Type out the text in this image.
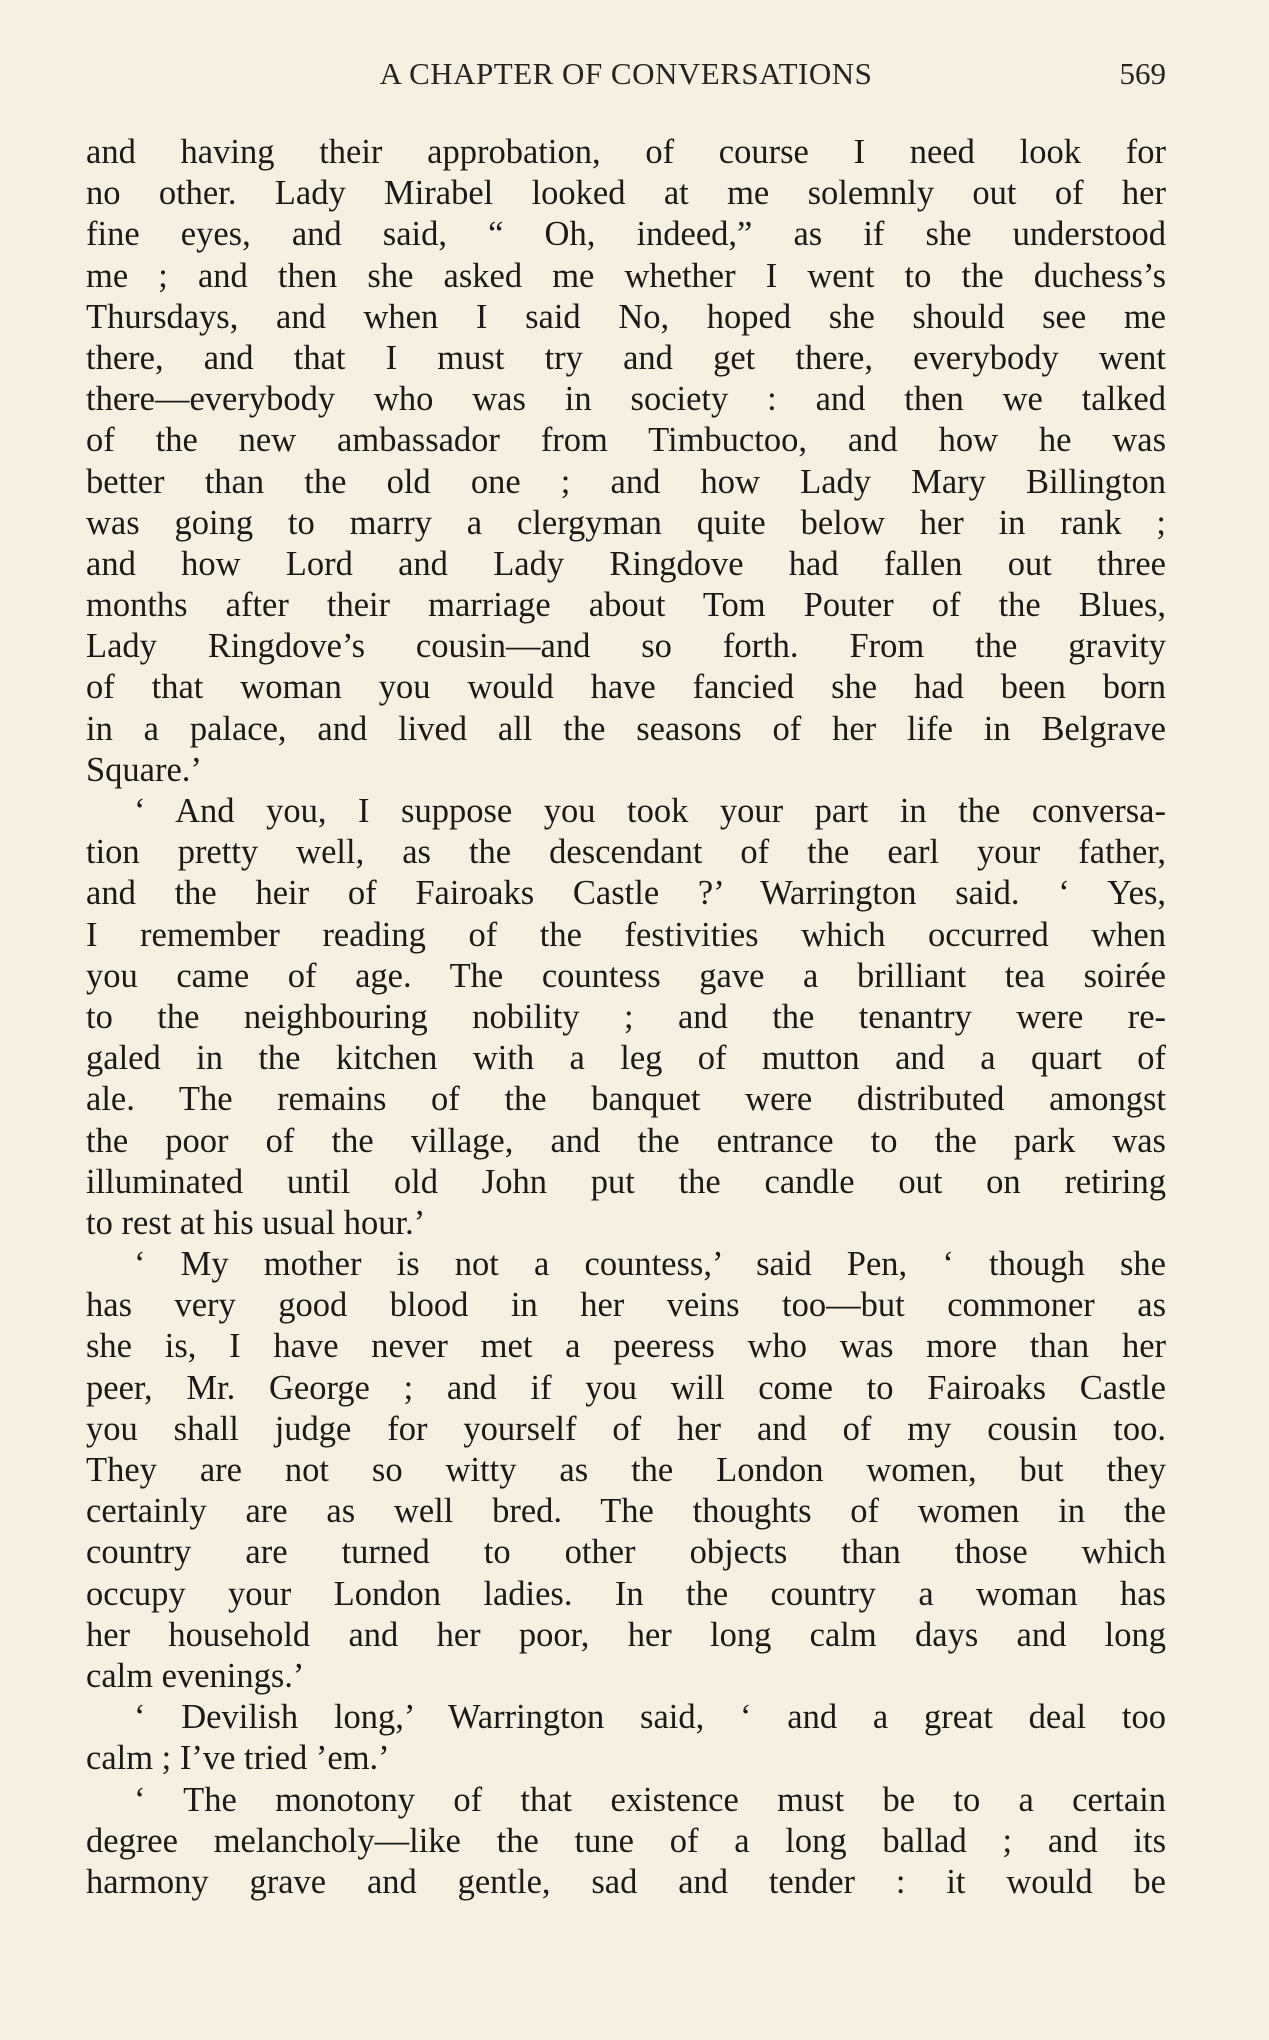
A CHAPTER OF CONVERSATIONS	569
and having their approbation, of course I need look for
no other. Lady Mirabel looked at me solemnly out of her
fine eyes, and said, “ Oh, indeed,” as if she understood
me ; and then she asked me whether I went to the duchess’s
Thursdays, and when I said No, hoped she should see me
there, and that I must try and get there, everybody went
there—everybody who was in society : and then we talked
of the new ambassador from Timbuctoo, and how he was
better than the old one ; and how Lady Mary Billington
was going to marry a clergyman quite below her in rank ;
and how Lord and Lady Ringdove had fallen out three
months after their marriage about Tom Pouter of the Blues,
Lady Ringdove’s cousin—and so forth. From the gravity
of that woman you would have fancied she had been born
in a palace, and lived all the seasons of her life in Belgrave
Square.’
‘ And you, I suppose you took your part in the conversa-
tion pretty well, as the descendant of the earl your father,
and the heir of Fairoaks Castle ?’ Warrington said. ‘ Yes,
I remember reading of the festivities which occurred when
you came of age. The countess gave a brilliant tea soirée
to the neighbouring nobility ; and the tenantry were re-
galed in the kitchen with a leg of mutton and a quart of
ale. The remains of the banquet were distributed amongst
the poor of the village, and the entrance to the park was
illuminated until old John put the candle out on retiring
to rest at his usual hour.’
‘ My mother is not a countess,’ said Pen, ‘ though she
has very good blood in her veins too—but commoner as
she is, I have never met a peeress who was more than her
peer, Mr. George ; and if you will come to Fairoaks Castle
you shall judge for yourself of her and of my cousin too.
They are not so witty as the London women, but they
certainly are as well bred. The thoughts of women in the
country are turned to other objects than those which
occupy your London ladies. In the country a woman has
her household and her poor, her long calm days and long
calm evenings.’
‘ Devilish long,’ Warrington said, ‘ and a great deal too
calm ; I’ve tried ’em.’
‘ The monotony of that existence must be to a certain
degree melancholy—like the tune of a long ballad ; and its
harmony grave and gentle, sad and tender : it would be
